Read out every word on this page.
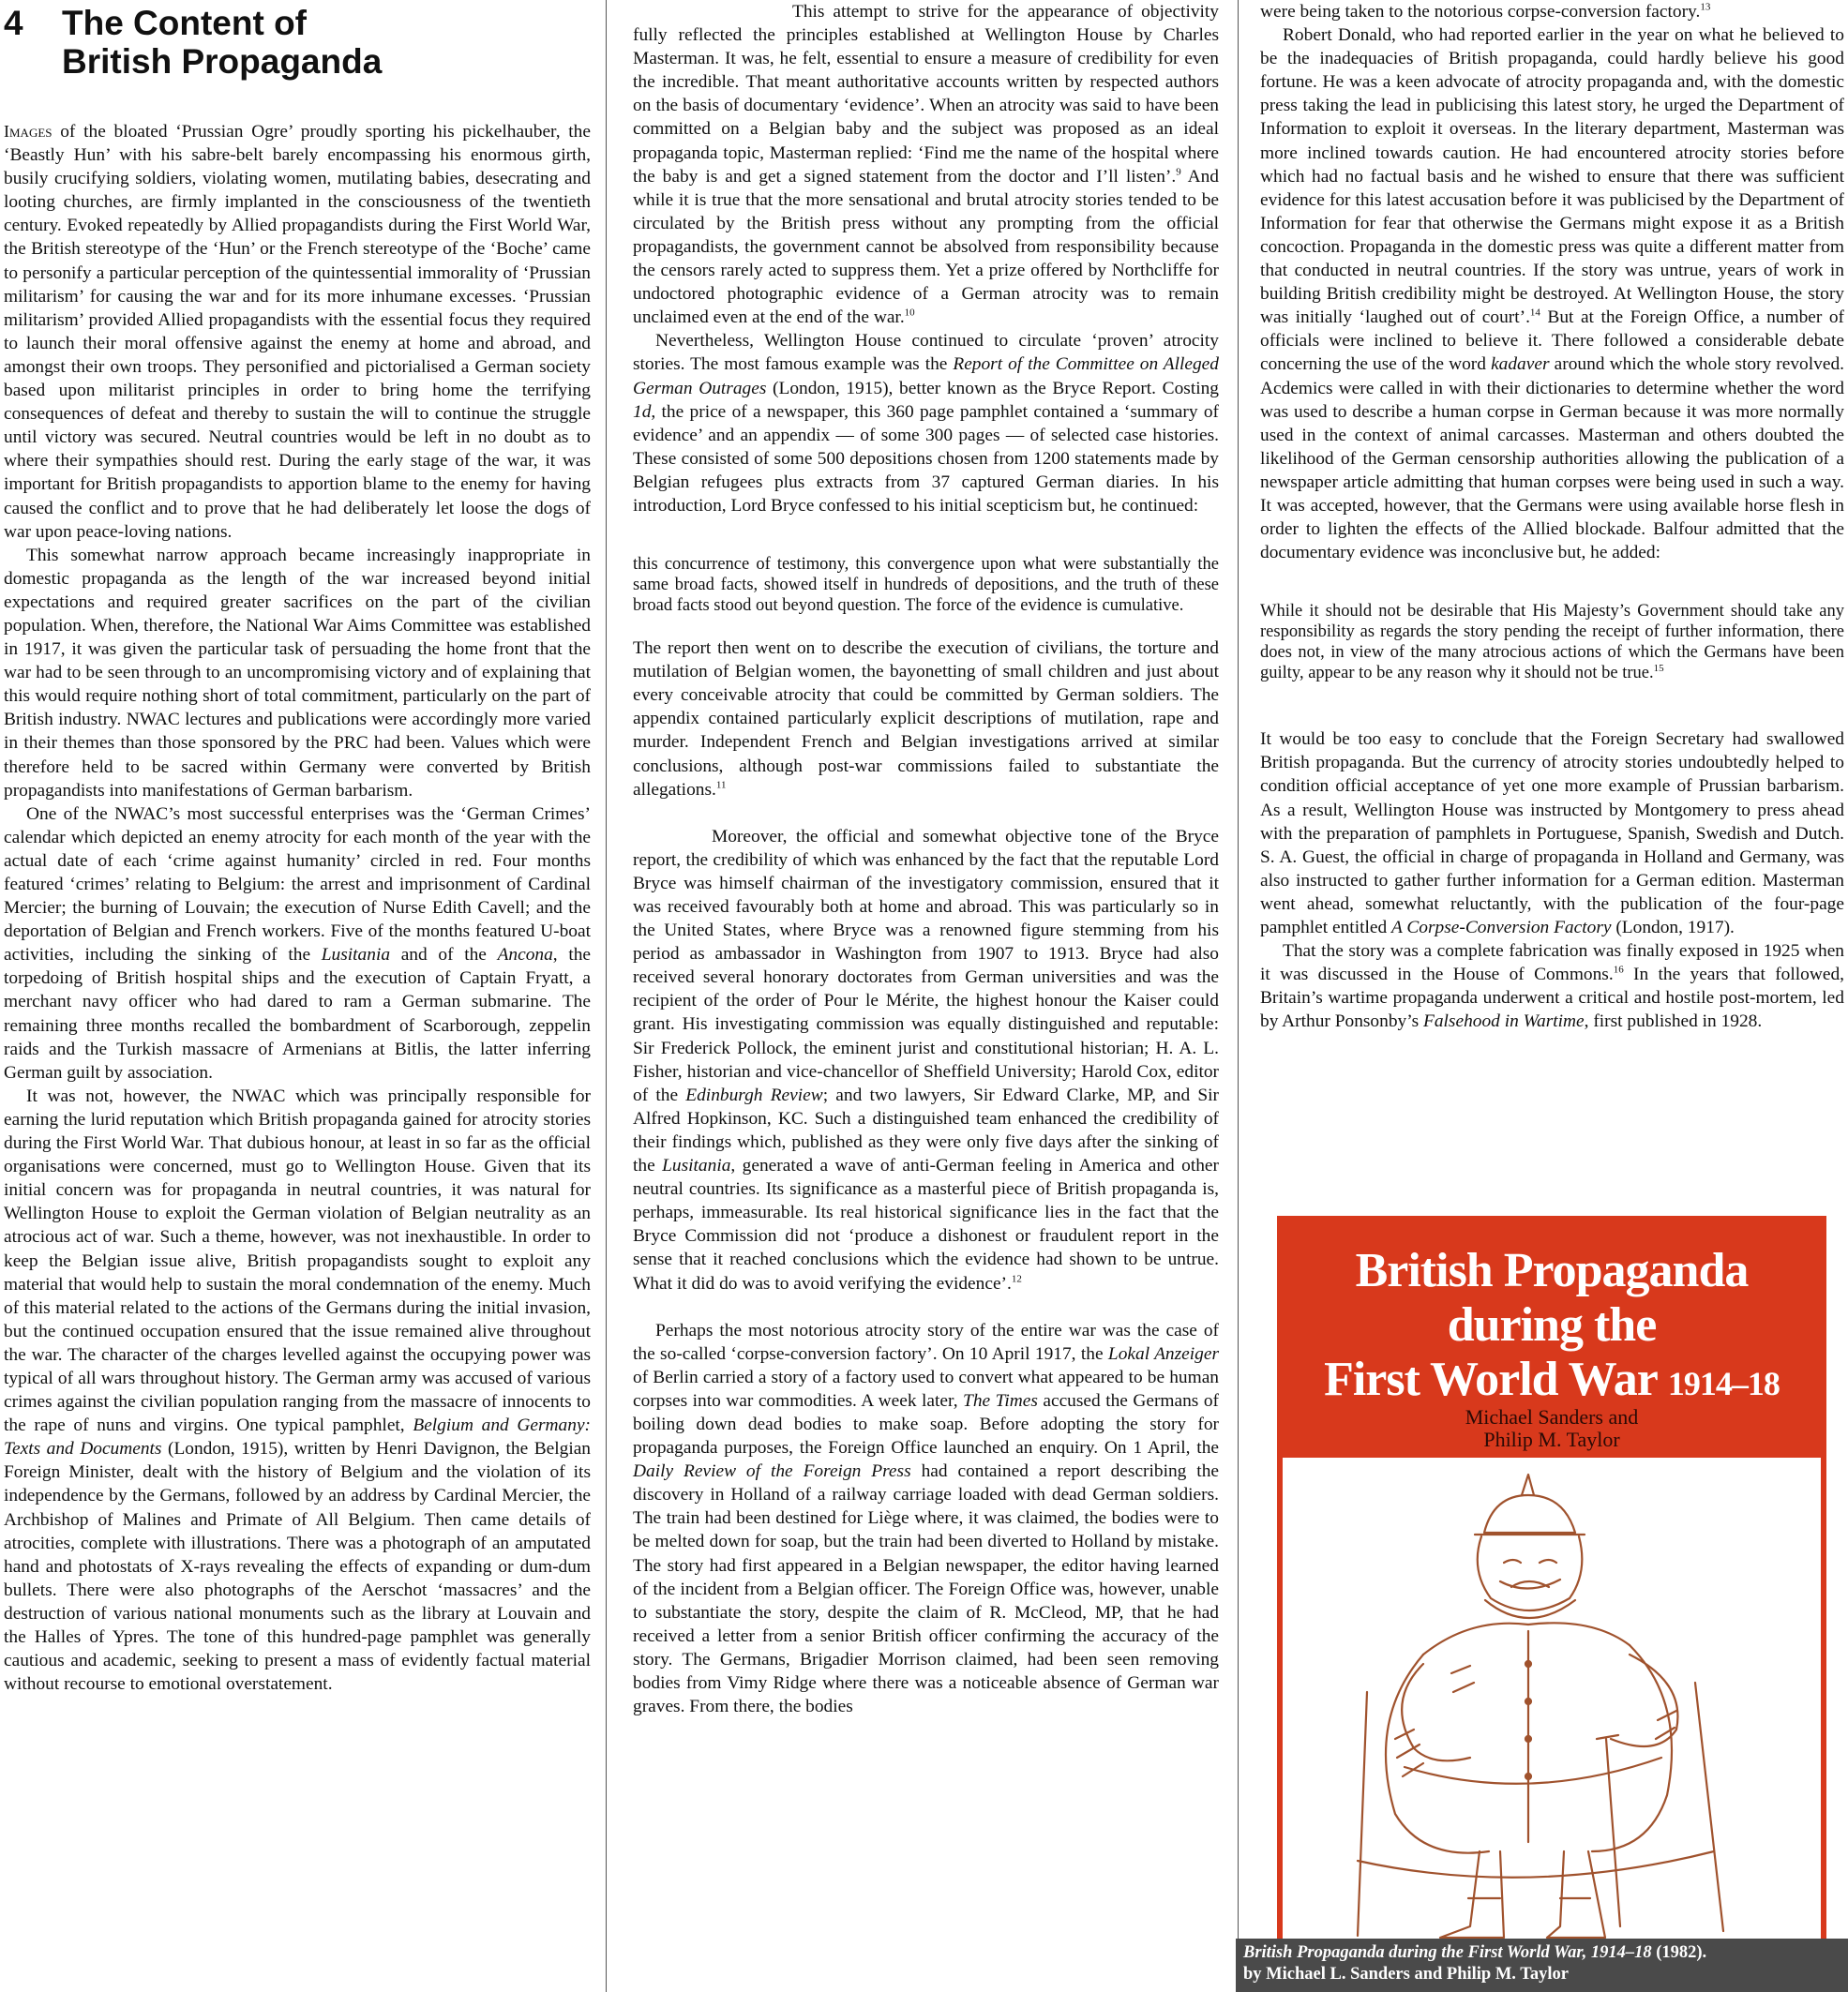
4	The Content of
British Propaganda

Images of the bloated ‘Prussian Ogre’ proudly sporting his pickelhauber, the ‘Beastly Hun’ with his sabre-belt barely encompassing his enormous girth, busily crucifying soldiers, violating women, mutilating babies, desecrating and looting churches, are firmly implanted in the consciousness of the twentieth century. Evoked repeatedly by Allied propagandists during the First World War, the British stereotype of the ‘Hun’ or the French stereotype of the ‘Boche’ came to personify a particular perception of the quintessential immorality of ‘Prussian militarism’ for causing the war and for its more inhumane excesses. ‘Prussian militarism’ provided Allied propagandists with the essential focus they required to launch their moral offensive against the enemy at home and abroad, and amongst their own troops. They personified and pictorialised a German society based upon militarist principles in order to bring home the terrifying consequences of defeat and thereby to sustain the will to continue the struggle until victory was secured. Neutral countries would be left in no doubt as to where their sympathies should rest. During the early stage of the war, it was important for British propagandists to apportion blame to the enemy for having caused the conflict and to prove that he had deliberately let loose the dogs of war upon peace-loving nations.

This somewhat narrow approach became increasingly inappropriate in domestic propaganda as the length of the war increased beyond initial expectations and required greater sacrifices on the part of the civilian population. When, therefore, the National War Aims Committee was established in 1917, it was given the particular task of persuading the home front that the war had to be seen through to an uncompromising victory and of explaining that this would require nothing short of total commitment, particularly on the part of British industry. NWAC lectures and publications were accordingly more varied in their themes than those sponsored by the PRC had been. Values which were therefore held to be sacred within Germany were converted by British propagandists into manifestations of German barbarism.

One of the NWAC’s most successful enterprises was the ‘German Crimes’ calendar which depicted an enemy atrocity for each month of the year with the actual date of each ‘crime against humanity’ circled in red. Four months featured ‘crimes’ relating to Belgium: the arrest and imprisonment of Cardinal Mercier; the burning of Louvain; the execution of Nurse Edith Cavell; and the deportation of Belgian and French workers. Five of the months featured U-boat activities, including the sinking of the Lusitania and of the Ancona, the torpedoing of British hospital ships and the execution of Captain Fryatt, a merchant navy officer who had dared to ram a German submarine. The remaining three months recalled the bombardment of Scarborough, zeppelin raids and the Turkish massacre of Armenians at Bitlis, the latter inferring German guilt by association.

It was not, however, the NWAC which was principally responsible for earning the lurid reputation which British propaganda gained for atrocity stories during the First World War. That dubious honour, at least in so far as the official organisations were concerned, must go to Wellington House. Given that its initial concern was for propaganda in neutral countries, it was natural for Wellington House to exploit the German violation of Belgian neutrality as an atrocious act of war. Such a theme, however, was not inexhaustible. In order to keep the Belgian issue alive, British propagandists sought to exploit any material that would help to sustain the moral condemnation of the enemy. Much of this material related to the actions of the Germans during the initial invasion, but the continued occupation ensured that the issue remained alive throughout the war. The character of the charges levelled against the occupying power was typical of all wars throughout history. The German army was accused of various crimes against the civilian population ranging from the massacre of innocents to the rape of nuns and virgins. One typical pamphlet, Belgium and Germany: Texts and Documents (London, 1915), written by Henri Davignon, the Belgian Foreign Minister, dealt with the history of Belgium and the violation of its independence by the Germans, followed by an address by Cardinal Mercier, the Archbishop of Malines and Primate of All Belgium. Then came details of atrocities, complete with illustrations. There was a photograph of an amputated hand and photostats of X-rays revealing the effects of expanding or dum-dum bullets. There were also photographs of the Aerschot ‘massacres’ and the destruction of various national monuments such as the library at Louvain and the Halles of Ypres. The tone of this hundred-page pamphlet was generally cautious and academic, seeking to present a mass of evidently factual material without recourse to emotional overstatement.

This attempt to strive for the appearance of objectivity fully reflected the principles established at Wellington House by Charles Masterman. It was, he felt, essential to ensure a measure of credibility for even the incredible. That meant authoritative accounts written by respected authors on the basis of documentary ‘evidence’. When an atrocity was said to have been committed on a Belgian baby and the subject was proposed as an ideal propaganda topic, Masterman replied: ‘Find me the name of the hospital where the baby is and get a signed statement from the doctor and I’ll listen’.$^9$ And while it is true that the more sensational and brutal atrocity stories tended to be circulated by the British press without any prompting from the official propagandists, the government cannot be absolved from responsibility because the censors rarely acted to suppress them. Yet a prize offered by Northcliffe for undoctored photographic evidence of a German atrocity was to remain unclaimed even at the end of the war.$^{10}$

Nevertheless, Wellington House continued to circulate ‘proven’ atrocity stories. The most famous example was the Report of the Committee on Alleged German Outrages (London, 1915), better known as the Bryce Report. Costing 1d, the price of a newspaper, this 360 page pamphlet contained a ‘summary of evidence’ and an appendix — of some 300 pages — of selected case histories. These consisted of some 500 depositions chosen from 1200 statements made by Belgian refugees plus extracts from 37 captured German diaries. In his introduction, Lord Bryce confessed to his initial scepticism but, he continued:

this concurrence of testimony, this convergence upon what were substantially the same broad facts, showed itself in hundreds of depositions, and the truth of these broad facts stood out beyond question. The force of the evidence is cumulative.

The report then went on to describe the execution of civilians, the torture and mutilation of Belgian women, the bayonetting of small children and just about every conceivable atrocity that could be committed by German soldiers. The appendix contained particularly explicit descriptions of mutilation, rape and murder. Independent French and Belgian investigations arrived at similar conclusions, although post-war commissions failed to substantiate the allegations.$^{11}$

Moreover, the official and somewhat objective tone of the Bryce report, the credibility of which was enhanced by the fact that the reputable Lord Bryce was himself chairman of the investigatory commission, ensured that it was received favourably both at home and abroad. This was particularly so in the United States, where Bryce was a renowned figure stemming from his period as ambassador in Washington from 1907 to 1913. Bryce had also received several honorary doctorates from German universities and was the recipient of the order of Pour le Mérite, the highest honour the Kaiser could grant. His investigating commission was equally distinguished and reputable: Sir Frederick Pollock, the eminent jurist and constitutional historian; H. A. L. Fisher, historian and vice-chancellor of Sheffield University; Harold Cox, editor of the Edinburgh Review; and two lawyers, Sir Edward Clarke, MP, and Sir Alfred Hopkinson, KC. Such a distinguished team enhanced the credibility of their findings which, published as they were only five days after the sinking of the Lusitania, generated a wave of anti-German feeling in America and other neutral countries. Its significance as a masterful piece of British propaganda is, perhaps, immeasurable. Its real historical significance lies in the fact that the Bryce Commission did not ‘produce a dishonest or fraudulent report in the sense that it reached conclusions which the evidence had shown to be untrue. What it did do was to avoid verifying the evidence’.$^{12}$

Perhaps the most notorious atrocity story of the entire war was the case of the so-called ‘corpse-conversion factory’. On 10 April 1917, the Lokal Anzeiger of Berlin carried a story of a factory used to convert what appeared to be human corpses into war commodities. A week later, The Times accused the Germans of boiling down dead bodies to make soap. Before adopting the story for propaganda purposes, the Foreign Office launched an enquiry. On 1 April, the Daily Review of the Foreign Press had contained a report describing the discovery in Holland of a railway carriage loaded with dead German soldiers. The train had been destined for Liège where, it was claimed, the bodies were to be melted down for soap, but the train had been diverted to Holland by mistake. The story had first appeared in a Belgian newspaper, the editor having learned of the incident from a Belgian officer. The Foreign Office was, however, unable to substantiate the story, despite the claim of R. McCleod, MP, that he had received a letter from a senior British officer confirming the accuracy of the story. The Germans, Brigadier Morrison claimed, had been seen removing bodies from Vimy Ridge where there was a noticeable absence of German war graves. From there, the bodies

were being taken to the notorious corpse-conversion factory.$^{13}$

Robert Donald, who had reported earlier in the year on what he believed to be the inadequacies of British propaganda, could hardly believe his good fortune. He was a keen advocate of atrocity propaganda and, with the domestic press taking the lead in publicising this latest story, he urged the Department of Information to exploit it overseas. In the literary department, Masterman was more inclined towards caution. He had encountered atrocity stories before which had no factual basis and he wished to ensure that there was sufficient evidence for this latest accusation before it was publicised by the Department of Information for fear that otherwise the Germans might expose it as a British concoction. Propaganda in the domestic press was quite a different matter from that conducted in neutral countries. If the story was untrue, years of work in building British credibility might be destroyed. At Wellington House, the story was initially ‘laughed out of court’.$^{14}$ But at the Foreign Office, a number of officials were inclined to believe it. There followed a considerable debate concerning the use of the word kadaver around which the whole story revolved. Acdemics were called in with their dictionaries to determine whether the word was used to describe a human corpse in German because it was more normally used in the context of animal carcasses. Masterman and others doubted the likelihood of the German censorship authorities allowing the publication of a newspaper article admitting that human corpses were being used in such a way. It was accepted, however, that the Germans were using available horse flesh in order to lighten the effects of the Allied blockade. Balfour admitted that the documentary evidence was inconclusive but, he added:

While it should not be desirable that His Majesty’s Government should take any responsibility as regards the story pending the receipt of further information, there does not, in view of the many atrocious actions of which the Germans have been guilty, appear to be any reason why it should not be true.$^{15}$

It would be too easy to conclude that the Foreign Secretary had swallowed British propaganda. But the currency of atrocity stories undoubtedly helped to condition official acceptance of yet one more example of Prussian barbarism. As a result, Wellington House was instructed by Montgomery to press ahead with the preparation of pamphlets in Portuguese, Spanish, Swedish and Dutch. S. A. Guest, the official in charge of propaganda in Holland and Germany, was also instructed to gather further information for a German edition. Masterman went ahead, somewhat reluctantly, with the publication of the four-page pamphlet entitled A Corpse-Conversion Factory (London, 1917).

That the story was a complete fabrication was finally exposed in 1925 when it was discussed in the House of Commons.$^{16}$ In the years that followed, Britain’s wartime propaganda underwent a critical and hostile post-mortem, led by Arthur Ponsonby’s Falsehood in Wartime, first published in 1928.

British Propaganda
during the
First World War 1914–18
Michael Sanders and
Philip M. Taylor
British Propaganda during the First World War, 1914–18 (1982).
by Michael L. Sanders and Philip M. Taylor
